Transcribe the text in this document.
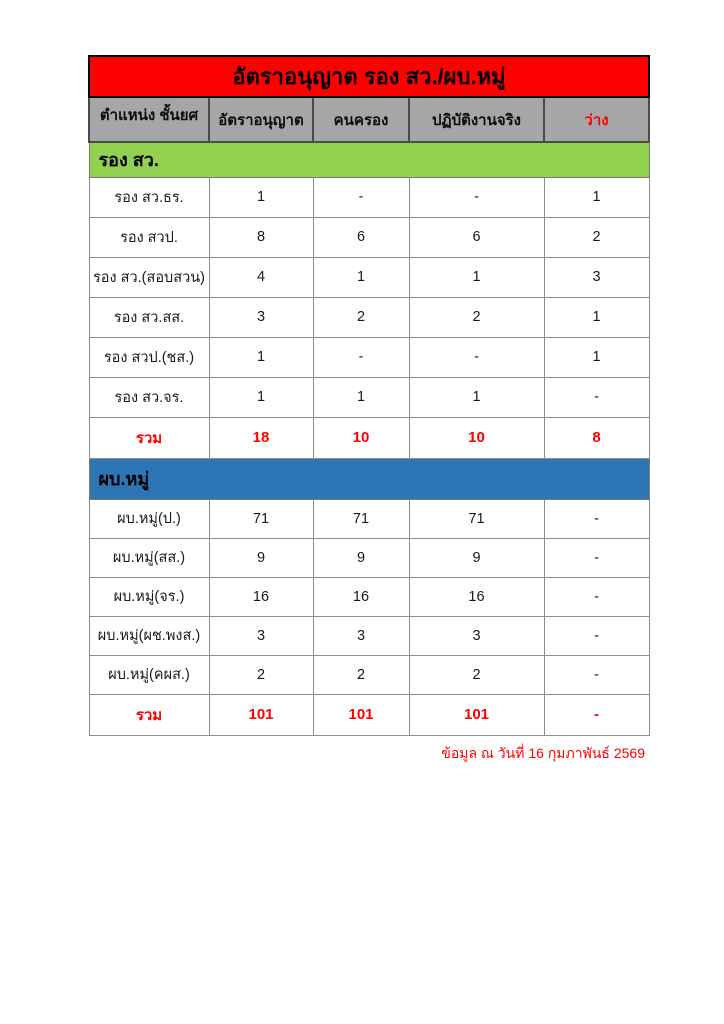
อัตราอนุญาต รอง สว./ผบ.หมู่				
ตำแหน่ง ชั้นยศ	อัตราอนุญาต	คนครอง	ปฏิบัติงานจริง	ว่าง
รอง สว.				
รอง สว.ธร.	1	-	-	1
รอง สวป.	8	6	6	2
รอง สว.(สอบสวน)	4	1	1	3
รอง สว.สส.	3	2	2	1
รอง สวป.(ชส.)	1	-	-	1
รอง สว.จร.	1	1	1	-
รวม	18	10	10	8
ผบ.หมู่				
ผบ.หมู่(ป.)	71	71	71	-
ผบ.หมู่(สส.)	9	9	9	-
ผบ.หมู่(จร.)	16	16	16	-
ผบ.หมู่(ผช.พงส.)	3	3	3	-
ผบ.หมู่(คผส.)	2	2	2	-
รวม	101	101	101	-
ข้อมูล ณ วันที่ 16 กุมภาพันธ์ 2569
